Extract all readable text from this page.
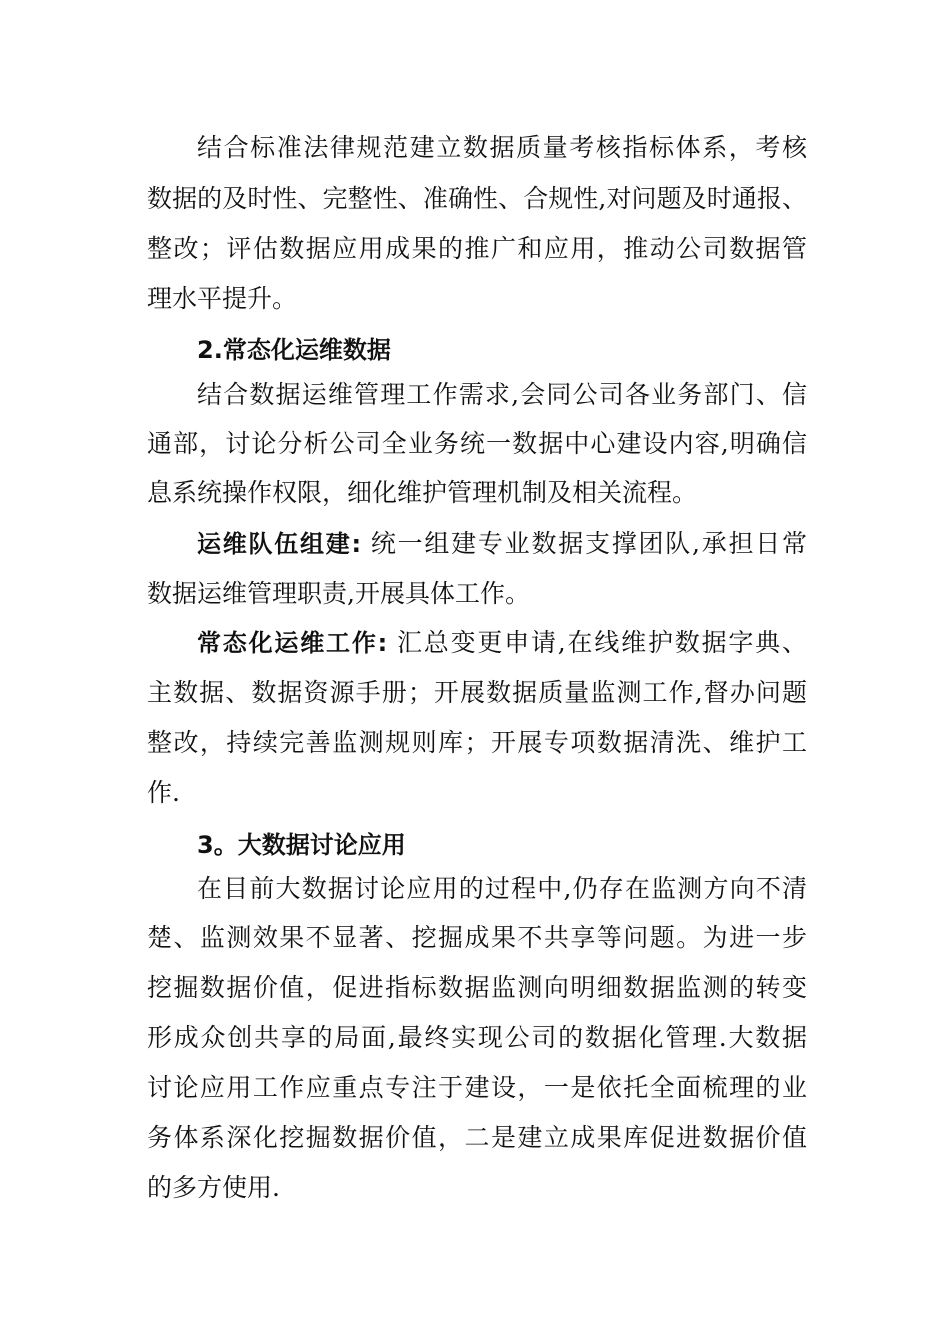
结合标准法律规范建立数据质量考核指标体系，考核
数据的及时性、完整性、准确性、合规性,对问题及时通报、
整改；评估数据应用成果的推广和应用，推动公司数据管
理水平提升。
2.常态化运维数据
结合数据运维管理工作需求,会同公司各业务部门、信
通部，讨论分析公司全业务统一数据中心建设内容,明确信
息系统操作权限，细化维护管理机制及相关流程。
运维队伍组建: 统一组建专业数据支撑团队,承担日常
数据运维管理职责,开展具体工作。
常态化运维工作: 汇总变更申请,在线维护数据字典、
主数据、数据资源手册；开展数据质量监测工作,督办问题
整改，持续完善监测规则库；开展专项数据清洗、维护工
作.
3。大数据讨论应用
在目前大数据讨论应用的过程中,仍存在监测方向不清
楚、监测效果不显著、挖掘成果不共享等问题。为进一步
挖掘数据价值，促进指标数据监测向明细数据监测的转变
形成众创共享的局面,最终实现公司的数据化管理.大数据
讨论应用工作应重点专注于建设，一是依托全面梳理的业
务体系深化挖掘数据价值，二是建立成果库促进数据价值
的多方使用.
